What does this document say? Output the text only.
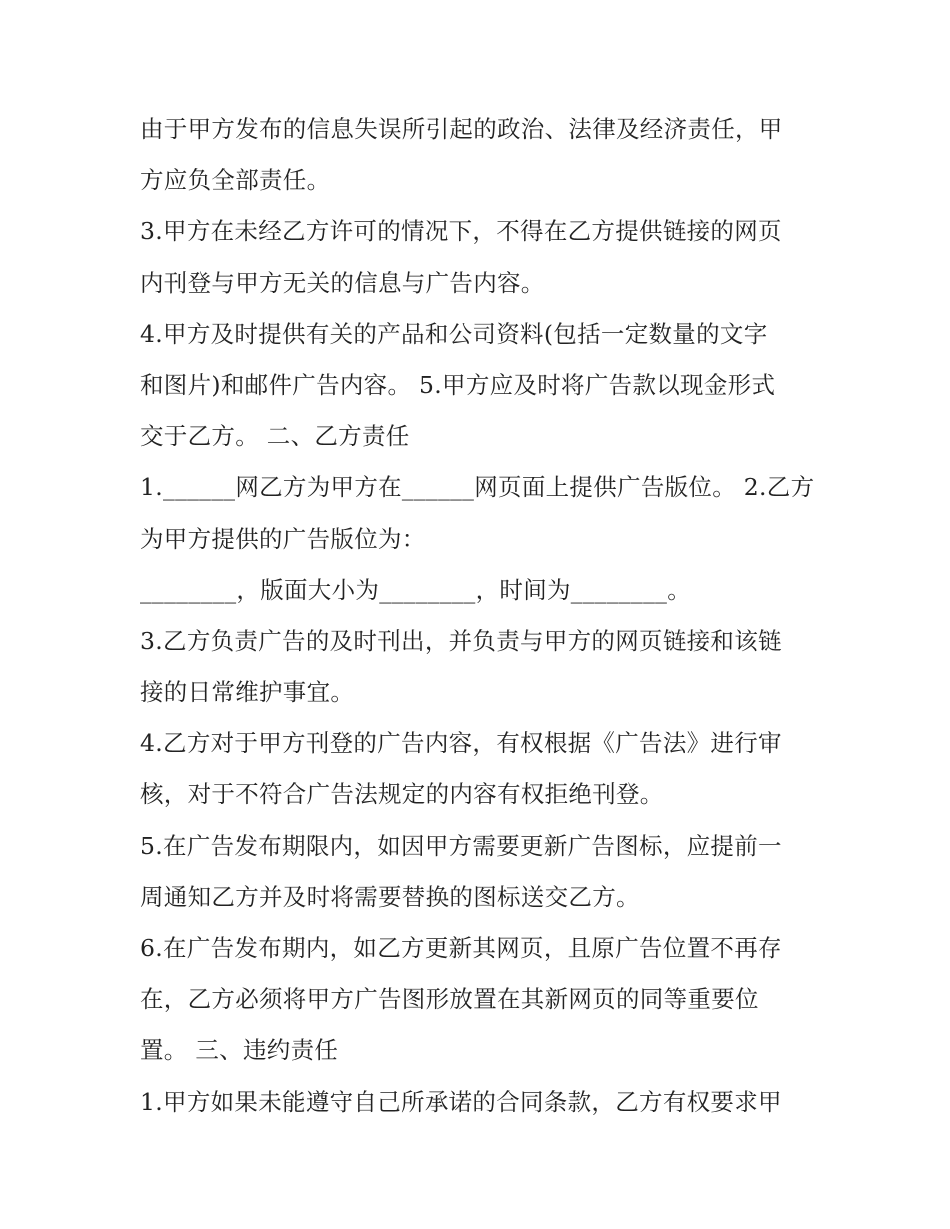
由于甲方发布的信息失误所引起的政治、法律及经济责任，甲
方应负全部责任。
3.甲方在未经乙方许可的情况下，不得在乙方提供链接的网页
内刊登与甲方无关的信息与广告内容。
4.甲方及时提供有关的产品和公司资料(包括一定数量的文字
和图片)和邮件广告内容。 5.甲方应及时将广告款以现金形式
交于乙方。 二、乙方责任
1.______网乙方为甲方在______网页面上提供广告版位。 2.乙方
为甲方提供的广告版位为：
________，版面大小为________，时间为________。
3.乙方负责广告的及时刊出，并负责与甲方的网页链接和该链
接的日常维护事宜。
4.乙方对于甲方刊登的广告内容，有权根据《广告法》进行审
核，对于不符合广告法规定的内容有权拒绝刊登。
5.在广告发布期限内，如因甲方需要更新广告图标，应提前一
周通知乙方并及时将需要替换的图标送交乙方。
6.在广告发布期内，如乙方更新其网页，且原广告位置不再存
在，乙方必须将甲方广告图形放置在其新网页的同等重要位
置。 三、违约责任
1.甲方如果未能遵守自己所承诺的合同条款，乙方有权要求甲
